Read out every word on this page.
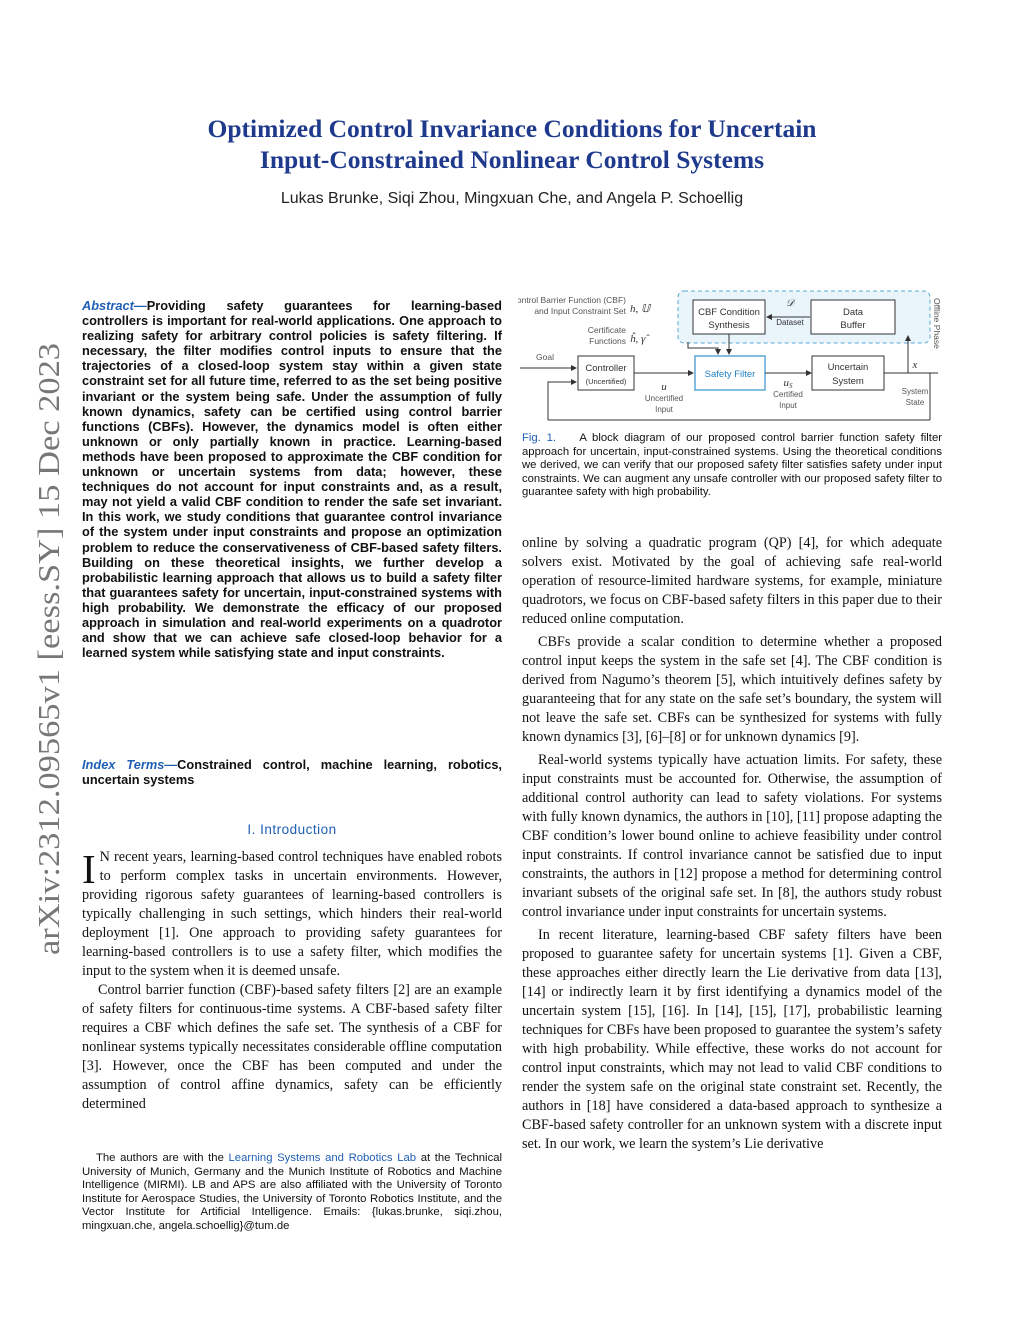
arXiv:2312.09565v1 [eess.SY] 15 Dec 2023
Optimized Control Invariance Conditions for Uncertain
Input-Constrained Nonlinear Control Systems
Lukas Brunke, Siqi Zhou, Mingxuan Che, and Angela P. Schoellig
Abstract—Providing safety guarantees for learning-based controllers is important for real-world applications. One approach to realizing safety for arbitrary control policies is safety filtering. If necessary, the filter modifies control inputs to ensure that the trajectories of a closed-loop system stay within a given state constraint set for all future time, referred to as the set being positive invariant or the system being safe. Under the assumption of fully known dynamics, safety can be certified using control barrier functions (CBFs). However, the dynamics model is often either unknown or only partially known in practice. Learning-based methods have been proposed to approximate the CBF condition for unknown or uncertain systems from data; however, these techniques do not account for input constraints and, as a result, may not yield a valid CBF condition to render the safe set invariant. In this work, we study conditions that guarantee control invariance of the system under input constraints and propose an optimization problem to reduce the conservativeness of CBF-based safety filters. Building on these theoretical insights, we further develop a probabilistic learning approach that allows us to build a safety filter that guarantees safety for uncertain, input-constrained systems with high probability. We demonstrate the efficacy of our proposed approach in simulation and real-world experiments on a quadrotor and show that we can achieve safe closed-loop behavior for a learned system while satisfying state and input constraints.
Index Terms—Constrained control, machine learning, robotics, uncertain systems
I. Introduction

I N recent years, learning-based control techniques have enabled robots to perform complex tasks in uncertain environments. However, providing rigorous safety guarantees of learning-based controllers is typically challenging in such settings, which hinders their real-world deployment [1]. One approach to providing safety guarantees for learning-based controllers is to use a safety filter, which modifies the input to the system when it is deemed unsafe.

Control barrier function (CBF)-based safety filters [2] are an example of safety filters for continuous-time systems. A CBF-based safety filter requires a CBF which defines the safe set. The synthesis of a CBF for nonlinear systems typically necessitates considerable offline computation [3]. However, once the CBF has been computed and under the assumption of control affine dynamics, safety can be efficiently determined

The authors are with the Learning Systems and Robotics Lab at the Technical University of Munich, Germany and the Munich Institute of Robotics and Machine Intelligence (MIRMI). LB and APS are also affiliated with the University of Toronto Institute for Aerospace Studies, the University of Toronto Robotics Institute, and the Vector Institute for Artificial Intelligence. Emails: {lukas.brunke, siqi.zhou, mingxuan.che, angela.schoellig}@tum.de
Offline Phase
Control Barrier Function (CBF)
and Input Constraint Set h, 𝕌
Certificate
Functions ĥ, γ̂
CBF Condition
Synthesis
𝒟
Dataset
Data
Buffer
Goal
Controller
(Uncertified)	u
Uncertified
Input
Safety Filter
uS
Certified
Input
Uncertain
System
x
System
State
Fig. 1. A block diagram of our proposed control barrier function safety filter approach for uncertain, input-constrained systems. Using the theoretical conditions we derived, we can verify that our proposed safety filter satisfies safety under input constraints. We can augment any unsafe controller with our proposed safety filter to guarantee safety with high probability.

online by solving a quadratic program (QP) [4], for which adequate solvers exist. Motivated by the goal of achieving safe real-world operation of resource-limited hardware systems, for example, miniature quadrotors, we focus on CBF-based safety filters in this paper due to their reduced online computation.

CBFs provide a scalar condition to determine whether a proposed control input keeps the system in the safe set [4]. The CBF condition is derived from Nagumo’s theorem [5], which intuitively defines safety by guaranteeing that for any state on the safe set’s boundary, the system will not leave the safe set. CBFs can be synthesized for systems with fully known dynamics [3], [6]–[8] or for unknown dynamics [9].

Real-world systems typically have actuation limits. For safety, these input constraints must be accounted for. Otherwise, the assumption of additional control authority can lead to safety violations. For systems with fully known dynamics, the authors in [10], [11] propose adapting the CBF condition’s lower bound online to achieve feasibility under control input constraints. If control invariance cannot be satisfied due to input constraints, the authors in [12] propose a method for determining control invariant subsets of the original safe set. In [8], the authors study robust control invariance under input constraints for uncertain systems.

In recent literature, learning-based CBF safety filters have been proposed to guarantee safety for uncertain systems [1]. Given a CBF, these approaches either directly learn the Lie derivative from data [13], [14] or indirectly learn it by first identifying a dynamics model of the uncertain system [15], [16]. In [14], [15], [17], probabilistic learning techniques for CBFs have been proposed to guarantee the system’s safety with high probability. While effective, these works do not account for control input constraints, which may not lead to valid CBF conditions to render the system safe on the original state constraint set. Recently, the authors in [18] have considered a data-based approach to synthesize a CBF-based safety controller for an unknown system with a discrete input set. In our work, we learn the system’s Lie derivative
